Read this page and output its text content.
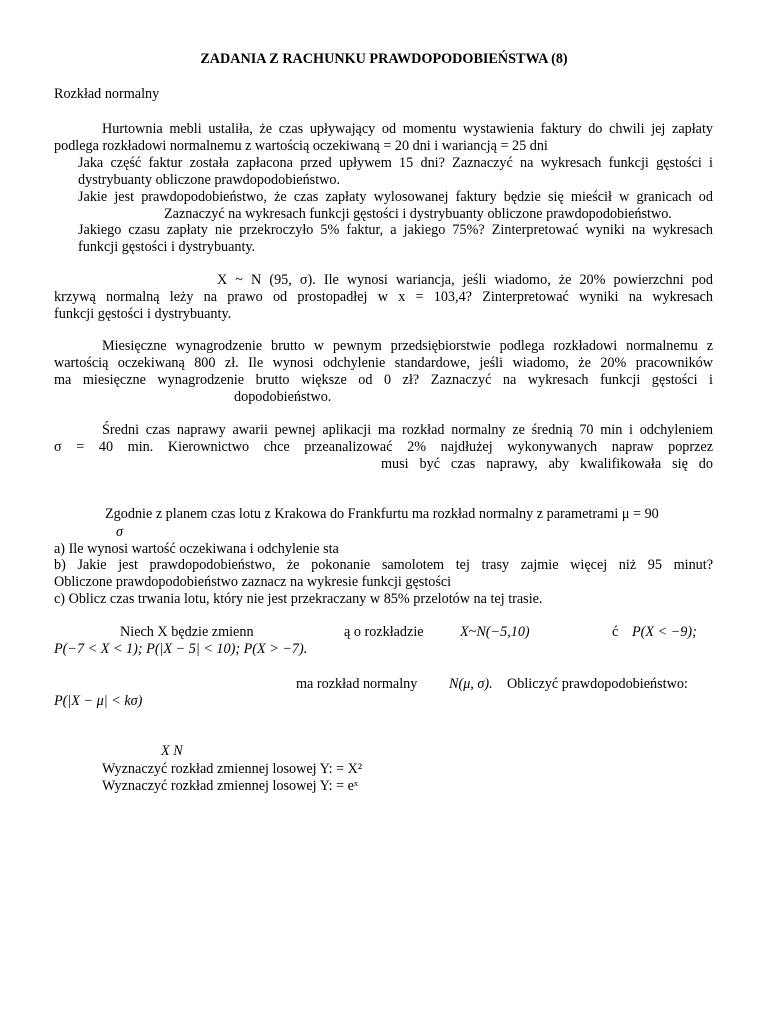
ZADANIA Z RACHUNKU PRAWDOPODOBIEŃSTWA (8)
Rozkład normalny
Hurtownia mebli ustaliła, że czas upływający od momentu wystawienia faktury do chwili jej zapłaty
podlega rozkładowi normalnemu z wartością oczekiwaną = 20 dni i wariancją = 25 dni
Jaka część faktur została zapłacona przed upływem 15 dni? Zaznaczyć na wykresach funkcji gęstości i
dystrybuanty obliczone prawdopodobieństwo.
Jakie jest prawdopodobieństwo, że czas zapłaty wylosowanej faktury będzie się mieścił w granicach od
Zaznaczyć na wykresach funkcji gęstości i dystrybuanty obliczone prawdopodobieństwo.
Jakiego czasu zapłaty nie przekroczyło 5% faktur, a jakiego 75%? Zinterpretować wyniki na wykresach
funkcji gęstości i dystrybuanty.
X ~ N (95, σ). Ile wynosi wariancja, jeśli wiadomo, że 20% powierzchni pod
krzywą normalną leży na prawo od prostopadłej w x = 103,4? Zinterpretować wyniki na wykresach
funkcji gęstości i dystrybuanty.
Miesięczne wynagrodzenie brutto w pewnym przedsiębiorstwie podlega rozkładowi normalnemu z
wartością oczekiwaną 800 zł. Ile wynosi odchylenie standardowe, jeśli wiadomo, że 20% pracowników
ma miesięczne wynagrodzenie brutto większe od 0 zł? Zaznaczyć na wykresach funkcji gęstości i
dopodobieństwo.
Średni czas naprawy awarii pewnej aplikacji ma rozkład normalny ze średnią 70 min i odchyleniem
σ = 40 min. Kierownictwo chce przeanalizować 2% najdłużej wykonywanych napraw poprzez
musi być czas naprawy, aby kwalifikowała się do
Zgodnie z planem czas lotu z Krakowa do Frankfurtu ma rozkład normalny z parametrami μ = 90
σ
a) Ile wynosi wartość oczekiwana i odchylenie sta
b) Jakie jest prawdopodobieństwo, że pokonanie samolotem tej trasy zajmie więcej niż 95 minut?
Obliczone prawdopodobieństwo zaznacz na wykresie funkcji gęstości
c) Oblicz czas trwania lotu, który nie jest przekraczany w 85% przelotów na tej trasie.
Niech X będzie zmienn	ą o rozkładzie	X~N(−5,10)	ć P(X < −9);
P(−7 < X < 1); P(|X − 5| < 10); P(X > −7).
ma rozkład normalny N(μ, σ). Obliczyć prawdopodobieństwo:
P(|X − μ| < kσ)
X N
Wyznaczyć rozkład zmiennej losowej Y: = X²
Wyznaczyć rozkład zmiennej losowej Y: = eˣ
